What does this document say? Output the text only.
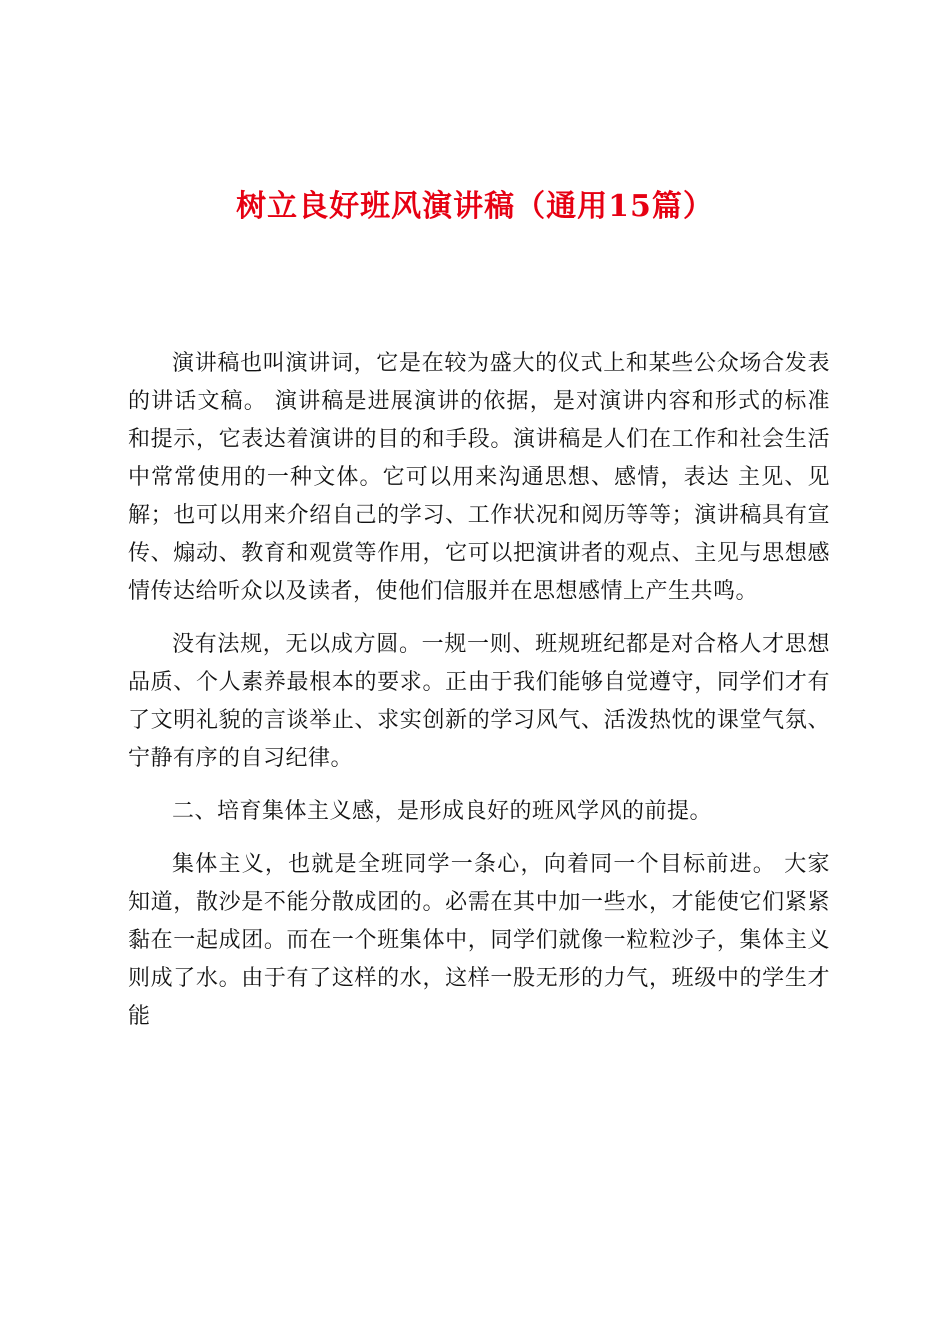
树立良好班风演讲稿（通用15篇）

演讲稿也叫演讲词，它是在较为盛大的仪式上和某些公众场合发表的讲话文稿。 演讲稿是进展演讲的依据，是对演讲内容和形式的标准和提示，它表达着演讲的目的和手段。演讲稿是人们在工作和社会生活中常常使用的一种文体。它可以用来沟通思想、感情，表达 主见、见解；也可以用来介绍自己的学习、工作状况和阅历等等；演讲稿具有宣传、煽动、教育和观赏等作用，它可以把演讲者的观点、主见与思想感情传达给听众以及读者，使他们信服并在思想感情上产生共鸣。

没有法规，无以成方圆。一规一则、班规班纪都是对合格人才思想品质、个人素养最根本的要求。正由于我们能够自觉遵守，同学们才有了文明礼貌的言谈举止、求实创新的学习风气、活泼热忱的课堂气氛、宁静有序的自习纪律。

二、培育集体主义感，是形成良好的班风学风的前提。

集体主义，也就是全班同学一条心，向着同一个目标前进。 大家知道，散沙是不能分散成团的。必需在其中加一些水，才能使它们紧紧黏在一起成团。而在一个班集体中，同学们就像一粒粒沙子，集体主义则成了水。由于有了这样的水，这样一股无形的力气，班级中的学生才能
